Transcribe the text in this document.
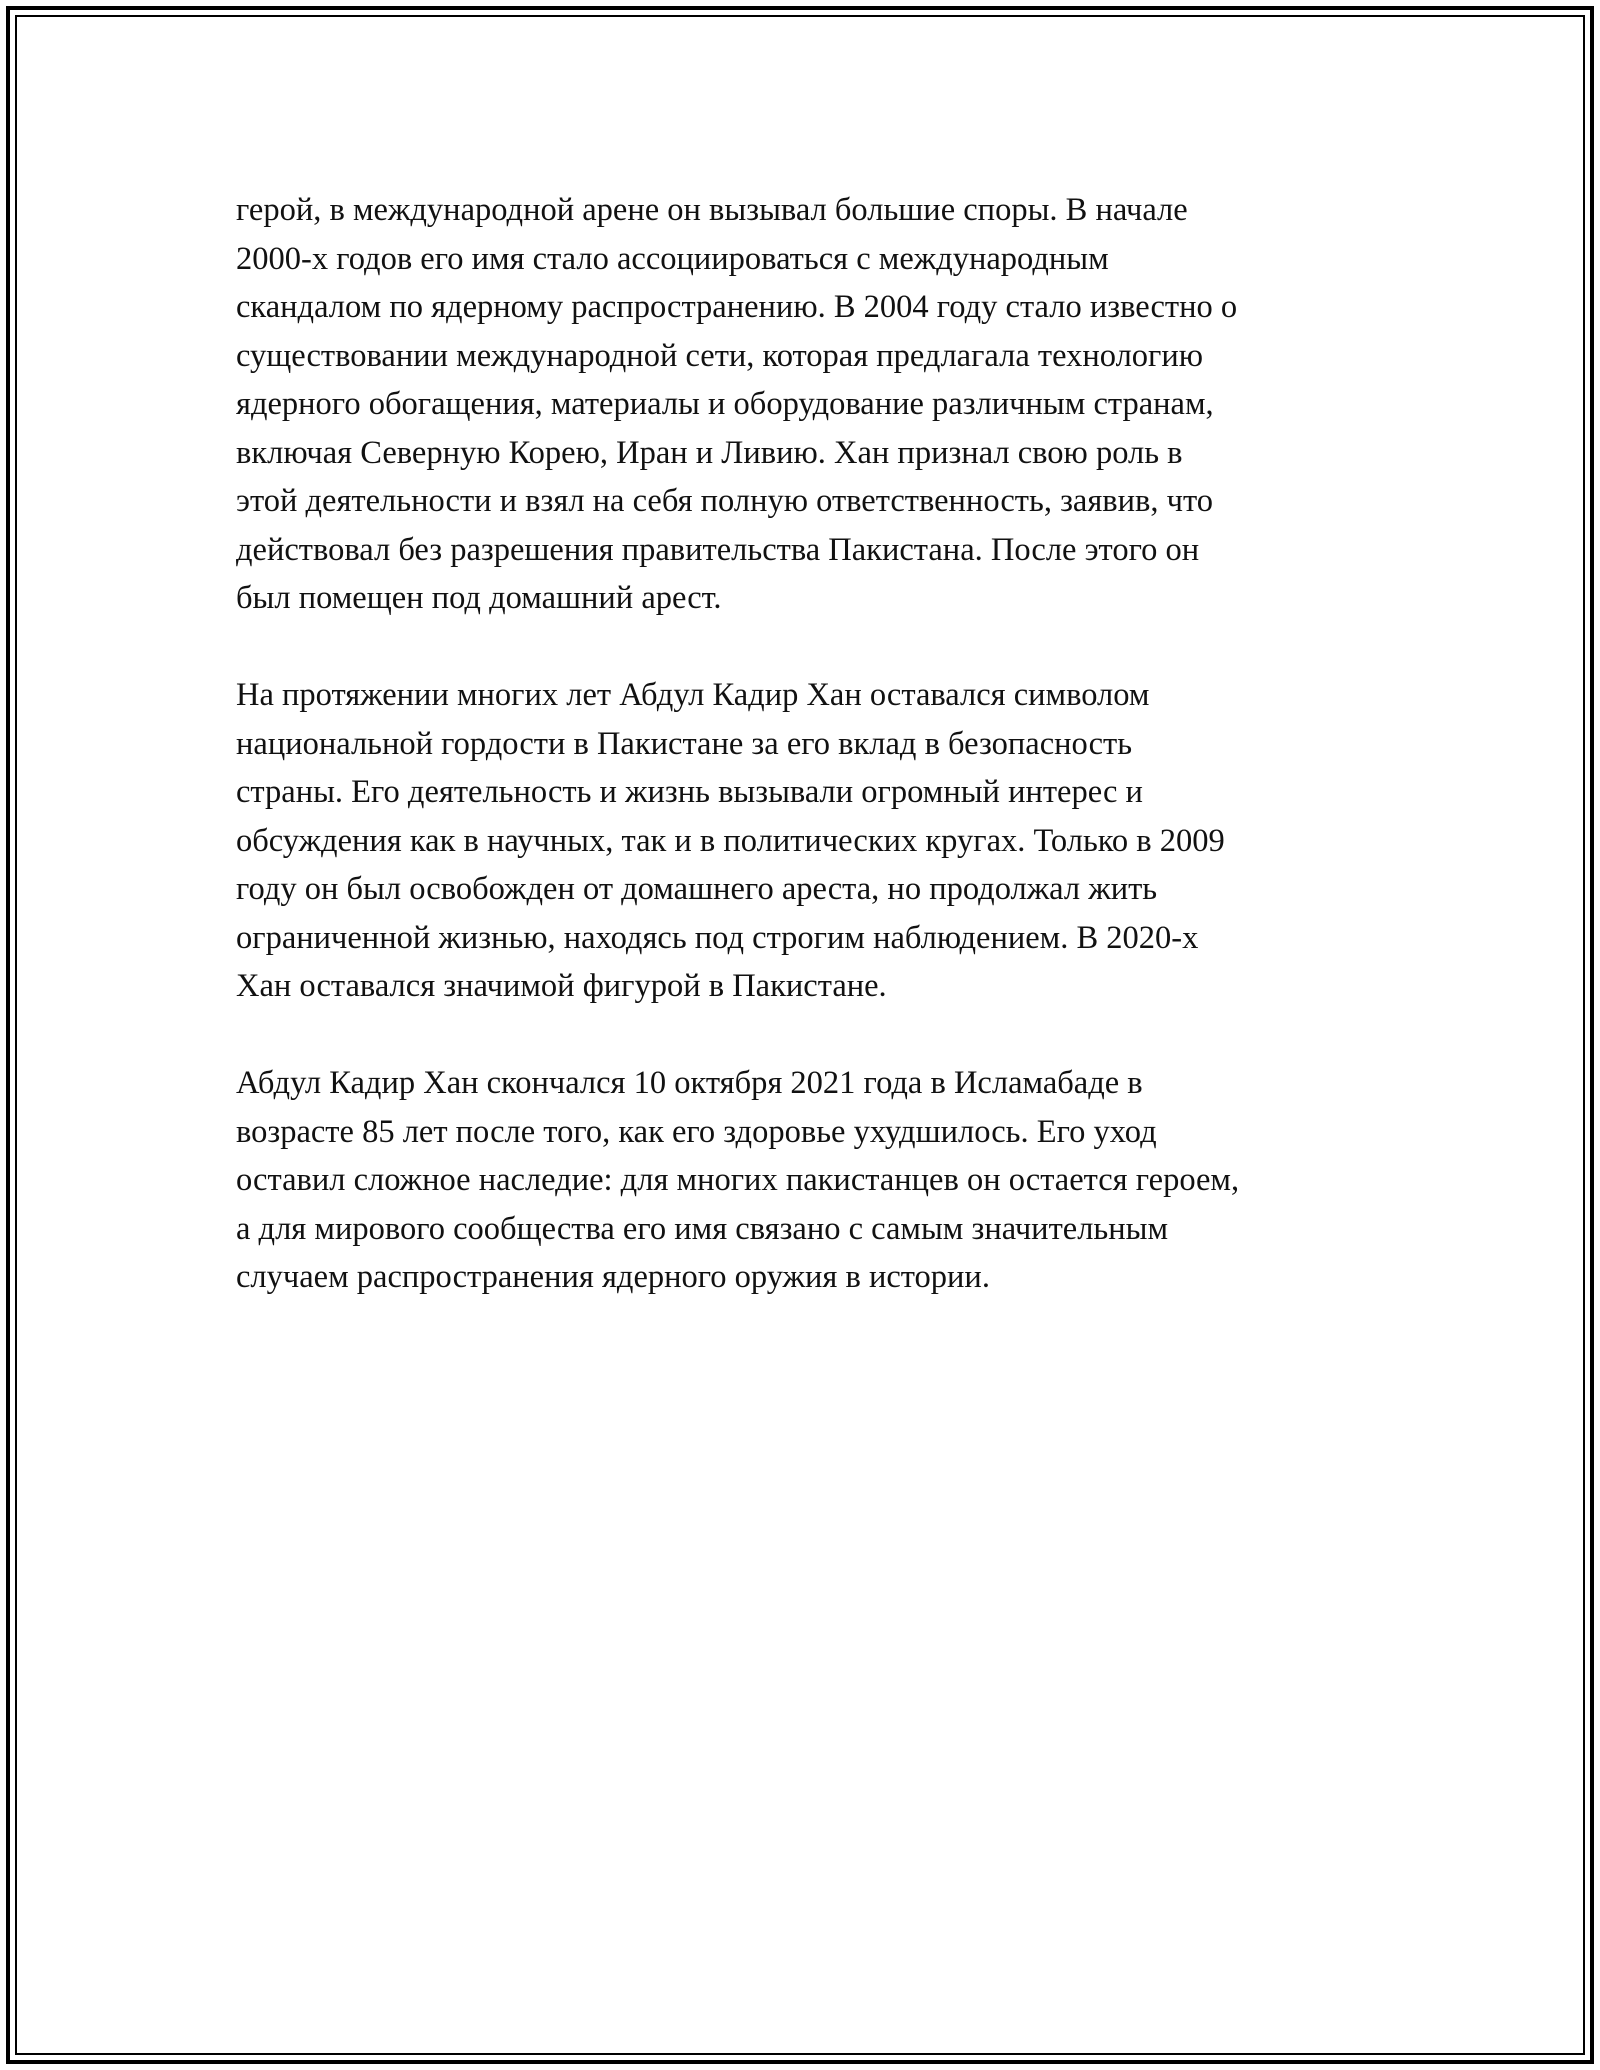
герой, в международной арене он вызывал большие споры. В начале
2000-х годов его имя стало ассоциироваться с международным
скандалом по ядерному распространению. В 2004 году стало известно о
существовании международной сети, которая предлагала технологию
ядерного обогащения, материалы и оборудование различным странам,
включая Северную Корею, Иран и Ливию. Хан признал свою роль в
этой деятельности и взял на себя полную ответственность, заявив, что
действовал без разрешения правительства Пакистана. После этого он
был помещен под домашний арест.

На протяжении многих лет Абдул Кадир Хан оставался символом
национальной гордости в Пакистане за его вклад в безопасность
страны. Его деятельность и жизнь вызывали огромный интерес и
обсуждения как в научных, так и в политических кругах. Только в 2009
году он был освобожден от домашнего ареста, но продолжал жить
ограниченной жизнью, находясь под строгим наблюдением. В 2020-х
Хан оставался значимой фигурой в Пакистане.

Абдул Кадир Хан скончался 10 октября 2021 года в Исламабаде в
возрасте 85 лет после того, как его здоровье ухудшилось. Его уход
оставил сложное наследие: для многих пакистанцев он остается героем,
а для мирового сообщества его имя связано с самым значительным
случаем распространения ядерного оружия в истории.
